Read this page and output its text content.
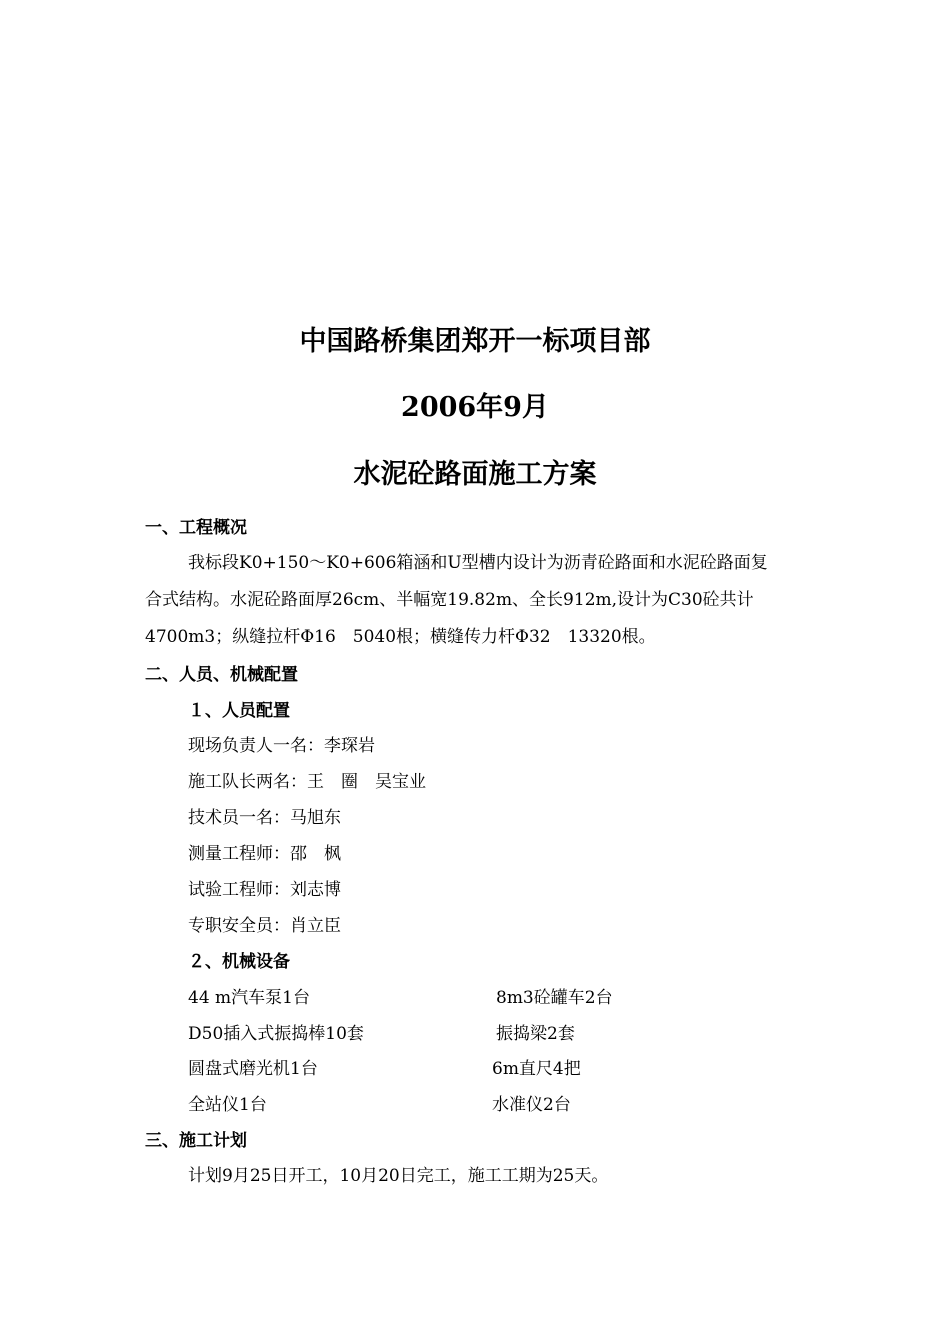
中国路桥集团郑开一标项目部
2006年9月
水泥砼路面施工方案
一、工程概况
我标段K0+150～K0+606箱涵和U型槽内设计为沥青砼路面和水泥砼路面复
合式结构。水泥砼路面厚26cm、半幅宽19.82m、全长912m,设计为C30砼共计
4700m3；纵缝拉杆Φ16　5040根；横缝传力杆Φ32　13320根。
二、人员、机械配置
１、人员配置
现场负责人一名：李琛岩
施工队长两名：王　圈　吴宝业
技术员一名：马旭东
测量工程师：邵　枫
试验工程师：刘志博
专职安全员：肖立臣
２、机械设备
44 m汽车泵1台	8m3砼罐车2台
D50插入式振捣棒10套	振捣梁2套
圆盘式磨光机1台	6m直尺4把
全站仪1台	水准仪2台
三、施工计划
计划9月25日开工，10月20日完工，施工工期为25天。
